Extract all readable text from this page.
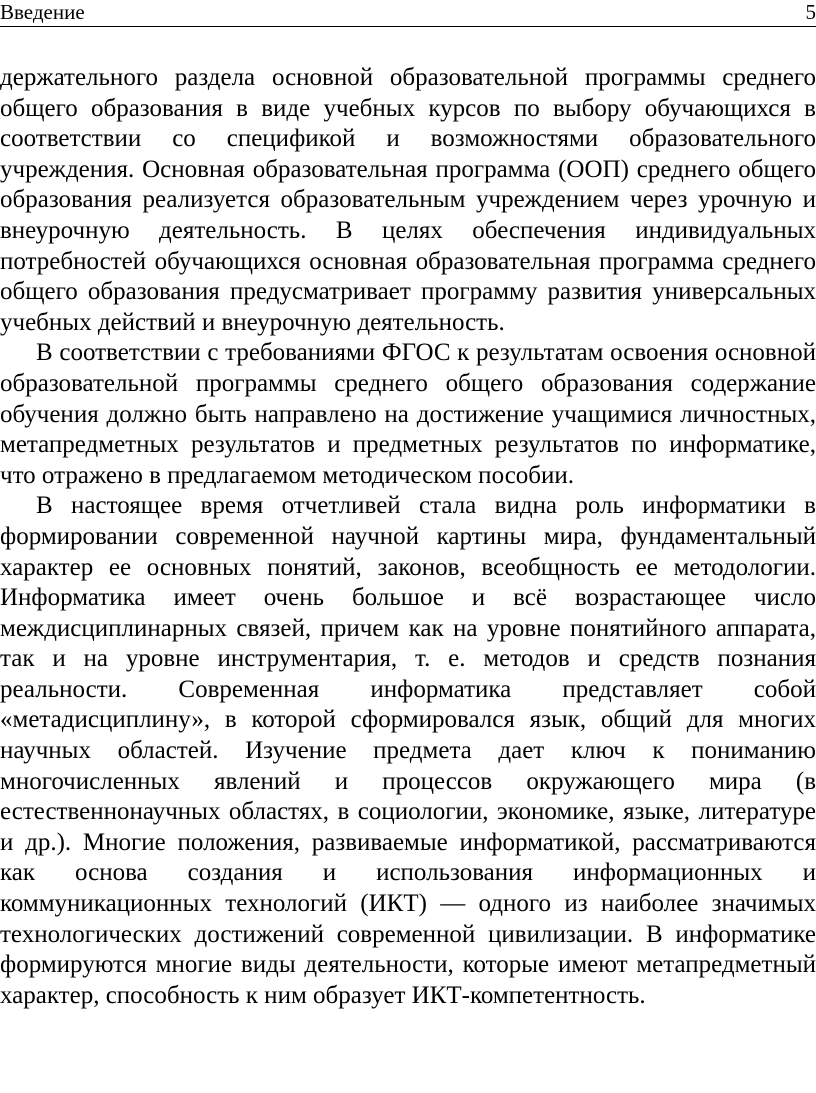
Введение	5

держательного раздела основной образовательной программы среднего общего образования в виде учебных курсов по выбору обучающихся в соответствии со спецификой и возможностями образовательного учреждения. Основная образовательная программа (ООП) среднего общего образования реализуется образовательным учреждением через урочную и внеурочную деятельность. В целях обеспечения индивидуальных потребностей обучающихся основная образовательная программа среднего общего образования предусматривает программу развития универсальных учебных действий и внеурочную деятельность.

В соответствии с требованиями ФГОС к результатам освоения основной образовательной программы среднего общего образования содержание обучения должно быть направлено на достижение учащимися личностных, метапредметных результатов и предметных результатов по информатике, что отражено в предлагаемом методическом пособии.

В настоящее время отчетливей стала видна роль информатики в формировании современной научной картины мира, фундаментальный характер ее основных понятий, законов, всеобщность ее методологии. Информатика имеет очень большое и всё возрастающее число междисциплинарных связей, причем как на уровне понятийного аппарата, так и на уровне инструментария, т. е. методов и средств познания реальности. Современная информатика представляет собой «метадисциплину», в которой сформировался язык, общий для многих научных областей. Изучение предмета дает ключ к пониманию многочисленных явлений и процессов окружающего мира (в естественнонаучных областях, в социологии, экономике, языке, литературе и др.). Многие положения, развиваемые информатикой, рассматриваются как основа создания и использования информационных и коммуникационных технологий (ИКТ) — одного из наиболее значимых технологических достижений современной цивилизации. В информатике формируются многие виды деятельности, которые имеют метапредметный характер, способность к ним образует ИКТ-компетентность.
